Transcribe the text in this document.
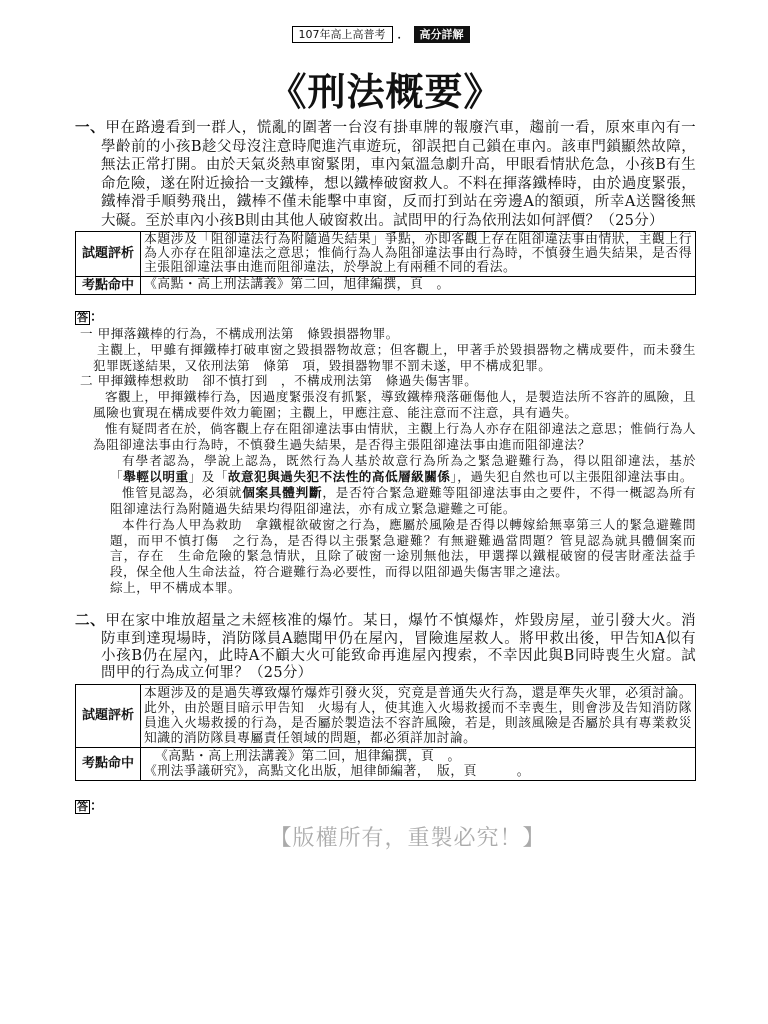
107年高上高普考 ． 高分詳解
《刑法概要》

一、甲在路邊看到一群人，慌亂的圍著一台沒有掛車牌的報廢汽車，趨前一看，原來車內有一學齡前的小孩B趁父母沒注意時爬進汽車遊玩，卻誤把自己鎖在車內。該車門鎖顯然故障，無法正常打開。由於天氣炎熱車窗緊閉，車內氣溫急劇升高，甲眼看情狀危急，小孩B有生命危險，遂在附近撿拾一支鐵棒，想以鐵棒破窗救人。不料在揮落鐵棒時，由於過度緊張，鐵棒滑手順勢飛出，鐵棒不僅未能擊中車窗，反而打到站在旁邊A的額頭，所幸A送醫後無大礙。至於車內小孩B則由其他人破窗救出。試問甲的行為依刑法如何評價？（25分）

試題評析	本題涉及「阻卻違法行為附隨過失結果」爭點，亦即客觀上存在阻卻違法事由情狀，主觀上行為人亦存在阻卻違法之意思；惟倘行為人為阻卻違法事由行為時，不慎發生過失結果，是否得主張阻卻違法事由進而阻卻違法，於學說上有兩種不同的看法。
考點命中	《高點・高上刑法講義》第二回，旭律編撰，頁　。
答 ：

一 甲揮落鐵棒的行為，不構成刑法第　條毀損器物罪。

主觀上，甲雖有揮鐵棒打破車窗之毀損器物故意；但客觀上，甲著手於毀損器物之構成要件，而未發生犯罪既遂結果，又依刑法第　條第　項，毀損器物罪不罰未遂，甲不構成犯罪。

二 甲揮鐵棒想救助　卻不慎打到　，不構成刑法第　條過失傷害罪。

客觀上，甲揮鐵棒行為，因過度緊張沒有抓緊，導致鐵棒飛落砸傷他人，是製造法所不容許的風險，且風險也實現在構成要件效力範圍；主觀上，甲應注意、能注意而不注意，具有過失。

惟有疑問者在於，倘客觀上存在阻卻違法事由情狀，主觀上行為人亦存在阻卻違法之意思；惟倘行為人為阻卻違法事由行為時，不慎發生過失結果，是否得主張阻卻違法事由進而阻卻違法？

有學者認為，學說上認為，既然行為人基於故意行為所為之緊急避難行為，得以阻卻違法，基於「舉輕以明重」及「故意犯與過失犯不法性的高低層級關係」，過失犯自然也可以主張阻卻違法事由。

惟管見認為，必須就個案具體判斷，是否符合緊急避難等阻卻違法事由之要件，不得一概認為所有阻卻違法行為附隨過失結果均得阻卻違法，亦有成立緊急避難之可能。

本件行為人甲為救助　拿鐵棍欲破窗之行為，應屬於風險是否得以轉嫁給無辜第三人的緊急避難問題，而甲不慎打傷　之行為，是否得以主張緊急避難？有無避難過當問題？管見認為就具體個案而言，存在　生命危險的緊急情狀，且除了破窗一途別無他法，甲選擇以鐵棍破窗的侵害財產法益手段，保全他人生命法益，符合避難行為必要性，而得以阻卻過失傷害罪之違法。

綜上，甲不構成本罪。

二、甲在家中堆放超量之未經核准的爆竹。某日，爆竹不慎爆炸，炸毀房屋，並引發大火。消防車到達現場時，消防隊員A聽聞甲仍在屋內，冒險進屋救人。將甲救出後，甲告知A似有小孩B仍在屋內，此時A不顧大火可能致命再進屋內搜索，不幸因此與B同時喪生火窟。試問甲的行為成立何罪？（25分）

試題評析	本題涉及的是過失導致爆竹爆炸引發火災，究竟是普通失火行為，還是準失火罪，必須討論。此外，由於題目暗示甲告知　火場有人，使其進入火場救援而不幸喪生，則會涉及告知消防隊員進入火場救援的行為，是否屬於製造法不容許風險，若是，則該風險是否屬於具有專業救災知識的消防隊員專屬責任領域的問題，都必須詳加討論。
考點命中	《高點・高上刑法講義》第二回，旭律編撰，頁　。
《刑法爭議研究》，高點文化出版，旭律師編著，　版，頁　　　。
答 ：
【版權所有，重製必究！】
